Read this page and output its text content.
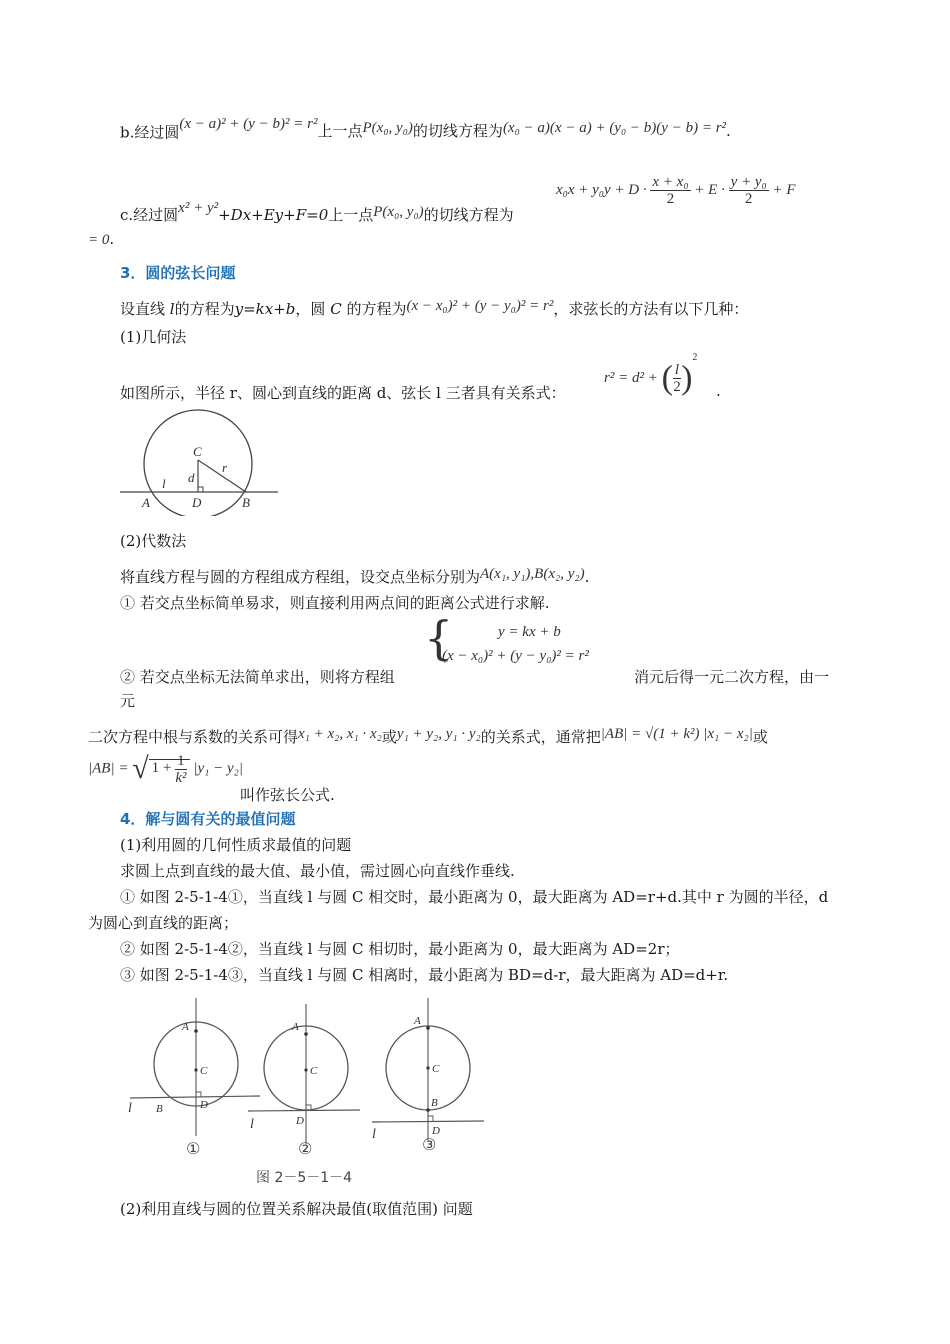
b.经过圆(x − a)² + (y − b)² = r²上一点P(x₀, y₀)的切线方程为(x₀ − a)(x − a) + (y₀ − b)(y − b) = r².
c.经过圆x² + y²+Dx+Ey+F=0上一点P(x₀, y₀)的切线方程为
$x_0x + y_0y + D \cdot \frac{\text{x + x₀}}{2} + E \cdot \frac{\text{y + y₀}}{2} + F$
= 0.
3．圆的弦长问题
设直线 l的方程为y=kx+b，圆 C 的方程为(x − x₀)² + (y − y₀)² = r²，求弦长的方法有以下几种：
(1)几何法
如图所示，半径 r、圆心到直线的距离 d、弦长 l 三者具有关系式：
r² = d² + ( $\frac{l}{2} )^2$
.
C
r
d
l
A	D	B
(2)代数法
将直线方程与圆的方程组成方程组，设交点坐标分别为A(x₁, y₁),B(x₂, y₂).
① 若交点坐标简单易求，则直接利用两点间的距离公式进行求解.
{	y = kx + b
(x − x₀)² + (y − y₀)² = r²
② 若交点坐标无法简单求出，则将方程组	消元后得一元二次方程，由一
元
二次方程中根与系数的关系可得x₁ + x₂, x₁ · x₂或y₁ + y₂, y₁ · y₂的关系式，通常把|AB| = √(1 + k²) |x₁ − x₂|或
|AB| = √ $1 + \frac{1}{\text{k²}} |y_1 - y_2|$
叫作弦长公式.
4．解与圆有关的最值问题
(1)利用圆的几何性质求最值的问题
求圆上点到直线的最大值、最小值，需过圆心向直线作垂线.
① 如图 2-5-1-4①，当直线 l 与圆 C 相交时，最小距离为 0，最大距离为 AD=r+d.其中 r 为圆的半径，d
为圆心到直线的距离；
② 如图 2-5-1-4②，当直线 l 与圆 C 相切时，最小距离为 0，最大距离为 AD=2r；
③ 如图 2-5-1-4③，当直线 l 与圆 C 相离时，最小距离为 BD=d-r，最大距离为 AD=d+r.
A
C
B	D
l
①
A
C
D
l
②
A
C
B
D
l
③
图 2－5－1－4
(2)利用直线与圆的位置关系解决最值(取值范围) 问题
